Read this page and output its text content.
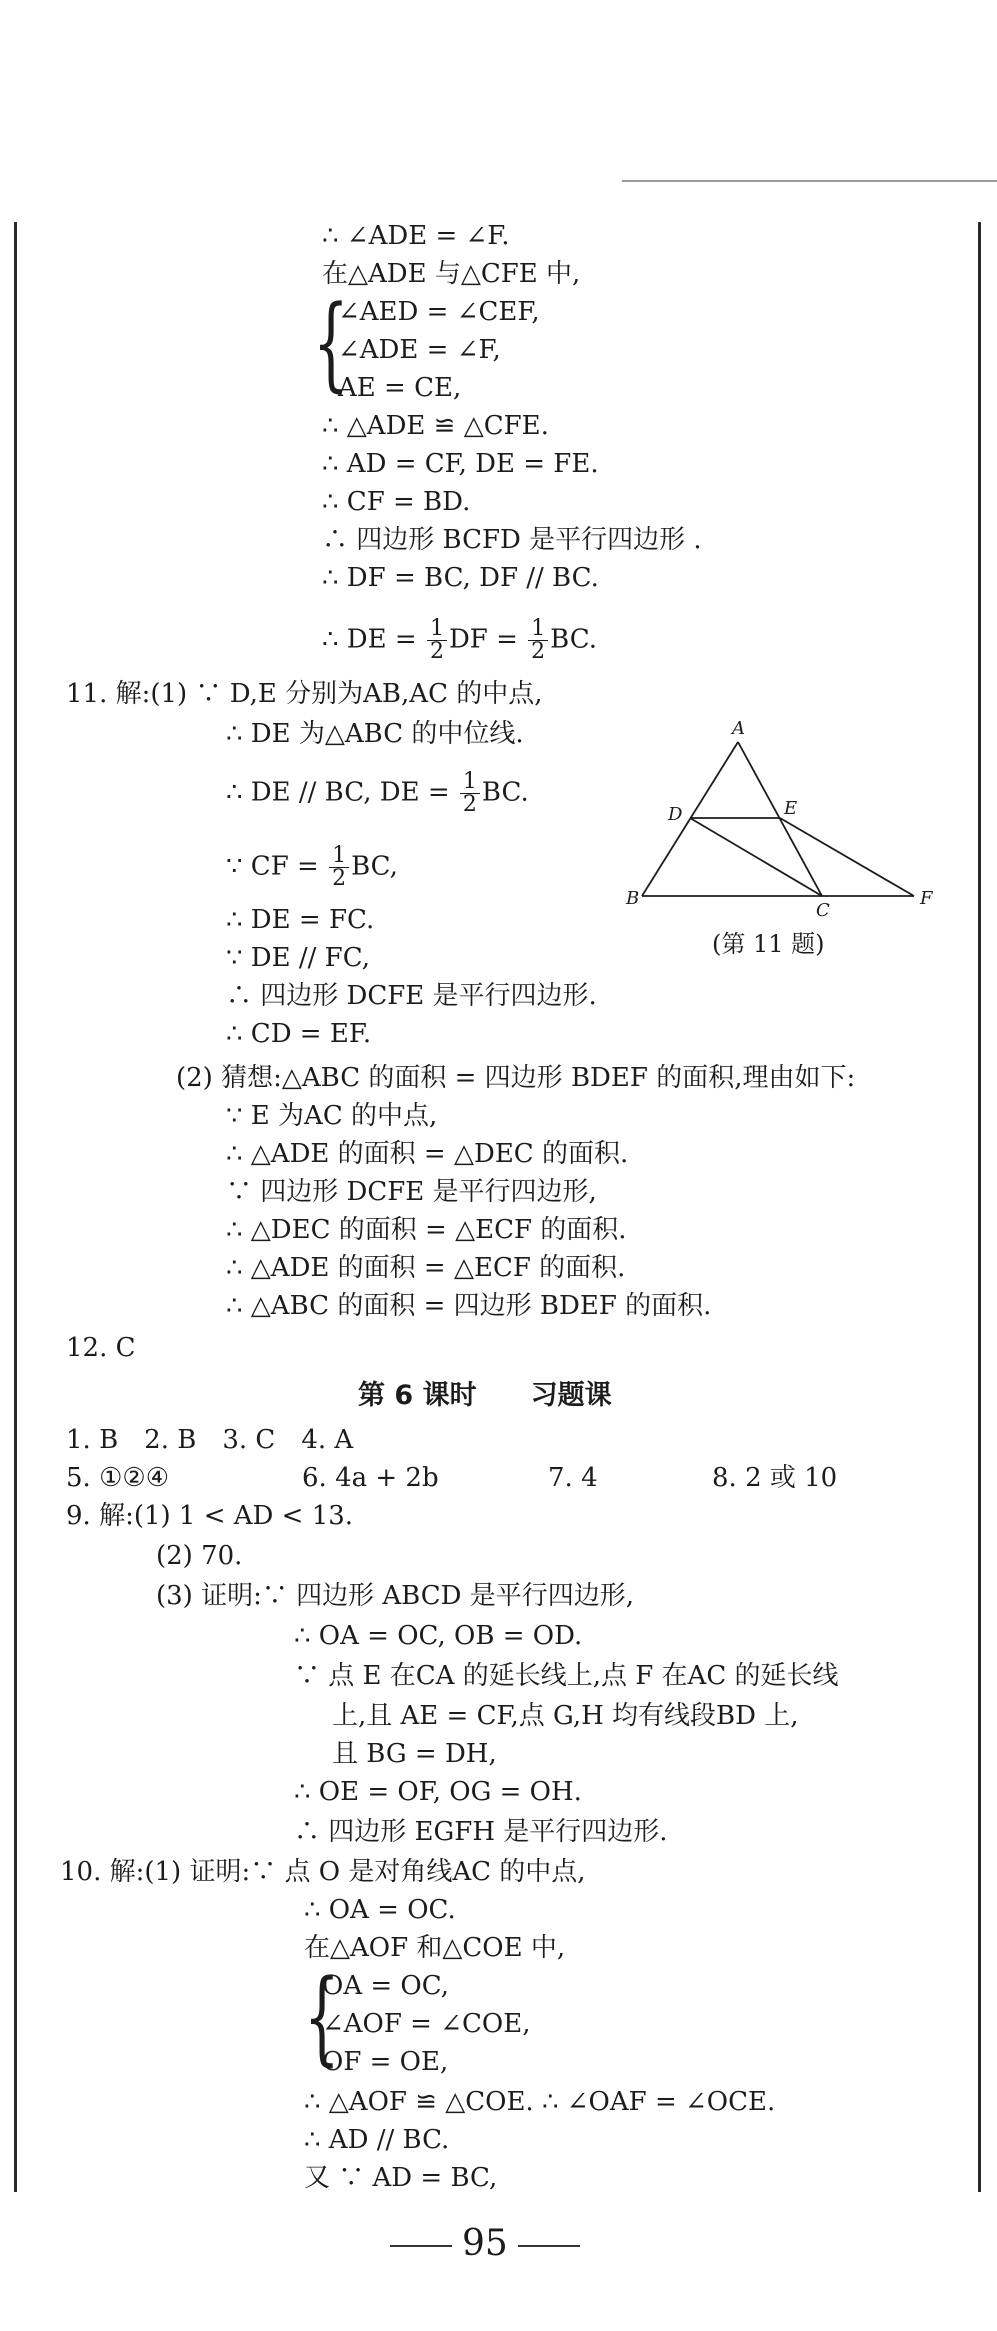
∴ ∠ADE = ∠F.
在△ADE 与△CFE 中,
{
∠AED = ∠CEF,
∠ADE = ∠F,
AE = CE,
∴ △ADE ≌ △CFE.
∴ AD = CF, DE = FE.
∴ CF = BD.
∴ 四边形 BCFD 是平行四边形 .
∴ DF = BC, DF // BC.
∴ DE = $\frac{1}{2}$ DF = $\frac{1}{2}$ BC.
11. 解:(1) ∵ D,E 分别为AB,AC 的中点,
∴ DE 为△ABC 的中位线.
∴ DE // BC, DE = $\frac{1}{2}$ BC.
∵ CF = $\frac{1}{2}$ BC,
∴ DE = FC.
∵ DE // FC,
∴ 四边形 DCFE 是平行四边形.
∴ CD = EF.
A
B
C
D	E
F
(第 11 题)
(2) 猜想:△ABC 的面积 = 四边形 BDEF 的面积,理由如下:
∵ E 为AC 的中点,
∴ △ADE 的面积 = △DEC 的面积.
∵ 四边形 DCFE 是平行四边形,
∴ △DEC 的面积 = △ECF 的面积.
∴ △ADE 的面积 = △ECF 的面积.
∴ △ABC 的面积 = 四边形 BDEF 的面积.
12. C
第 6 课时　　习题课
1. B　2. B　3. C　4. A
5. ①②④	6. 4a + 2b	7. 4	8. 2 或 10
9. 解:(1) 1 < AD < 13.
(2) 70.
(3) 证明:∵ 四边形 ABCD 是平行四边形,
∴ OA = OC, OB = OD.
∵ 点 E 在CA 的延长线上,点 F 在AC 的延长线
上,且 AE = CF,点 G,H 均有线段BD 上,
且 BG = DH,
∴ OE = OF, OG = OH.
∴ 四边形 EGFH 是平行四边形.
10. 解:(1) 证明:∵ 点 O 是对角线AC 的中点,
∴ OA = OC.
在△AOF 和△COE 中,
{
OA = OC,
∠AOF = ∠COE,
OF = OE,
∴ △AOF ≌ △COE. ∴ ∠OAF = ∠OCE.
∴ AD // BC.
又 ∵ AD = BC,
95
